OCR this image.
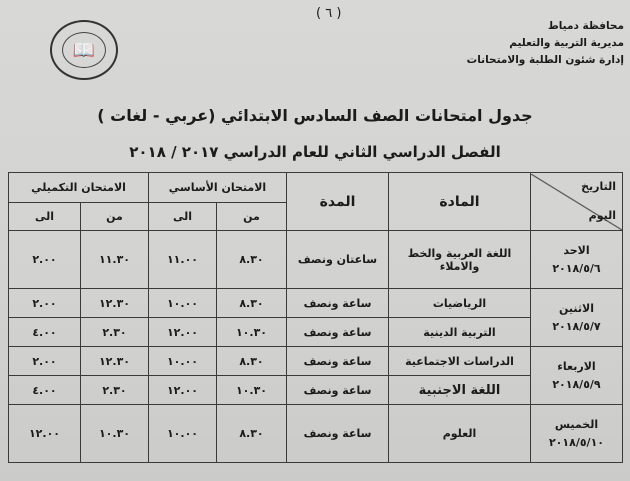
( ٦ )
📖
محافظة دمياط
مديرية التربية والتعليم
إدارة شئون الطلبة والامتحانات
جدول امتحانات الصف السادس الابتدائي (عربي - لغات )
الفصل الدراسي الثاني للعام الدراسي ٢٠١٧ / ٢٠١٨
التاريخ
اليوم	المادة	المدة	الامتحان الأساسي		الامتحان التكميلي	
			من	الى	من	الى

الاحد
٢٠١٨/٥/٦	اللغة العربية والخط والاملاء	ساعتان ونصف	٨.٣٠	١١.٠٠	١١.٣٠	٢.٠٠

الاثنين
٢٠١٨/٥/٧	الرياضيات	ساعة ونصف	٨.٣٠	١٠.٠٠	١٢.٣٠	٢.٠٠
	التربية الدينية	ساعة ونصف	١٠.٣٠	١٢.٠٠	٢.٣٠	٤.٠٠

الاربعاء
٢٠١٨/٥/٩	الدراسات الاجتماعية	ساعة ونصف	٨.٣٠	١٠.٠٠	١٢.٣٠	٢.٠٠
	اللغة الاجنبية	ساعة ونصف	١٠.٣٠	١٢.٠٠	٢.٣٠	٤.٠٠

الخميس
٢٠١٨/٥/١٠	العلوم	ساعة ونصف	٨.٣٠	١٠.٠٠	١٠.٣٠	١٢.٠٠
